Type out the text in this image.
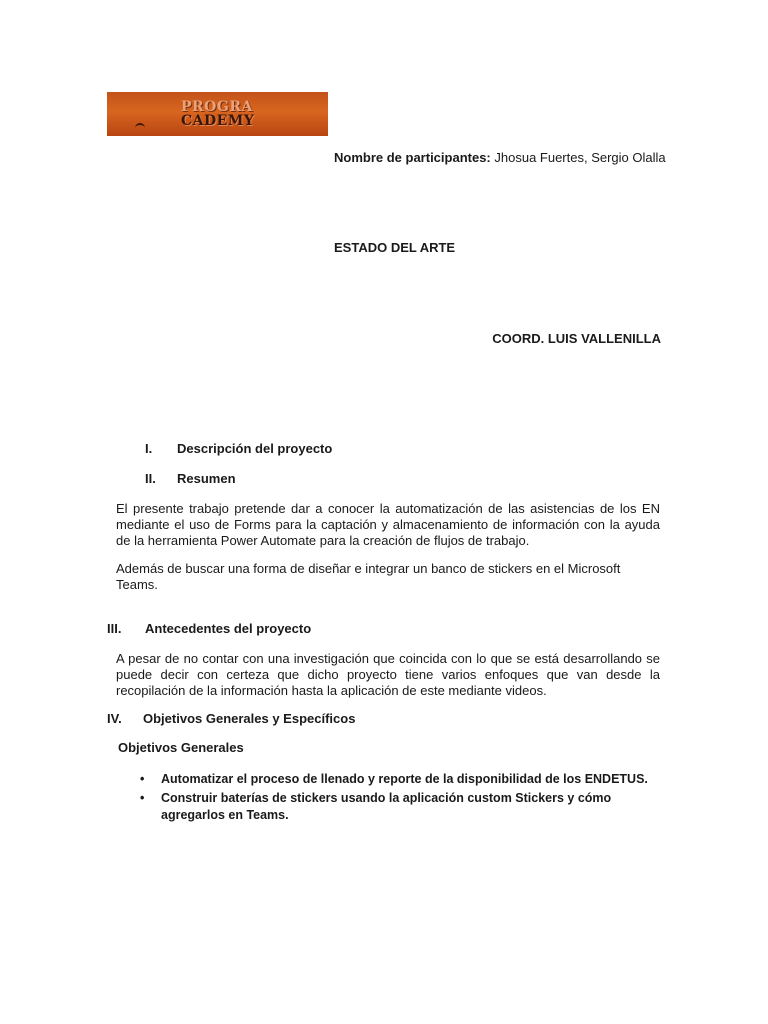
PROGRA
CADEMY
Nombre de participantes: Jhosua Fuertes, Sergio Olalla
ESTADO DEL ARTE
COORD. LUIS VALLENILLA
I. Descripción del proyecto
II. Resumen
El presente trabajo pretende dar a conocer la automatización de las asistencias de los EN mediante el uso de Forms para la captación y almacenamiento de información con la ayuda de la herramienta Power Automate para la creación de flujos de trabajo.
Además de buscar una forma de diseñar e integrar un banco de stickers en el Microsoft Teams.
III. Antecedentes del proyecto
A pesar de no contar con una investigación que coincida con lo que se está desarrollando se puede decir con certeza que dicho proyecto tiene varios enfoques que van desde la recopilación de la información hasta la aplicación de este mediante videos.
IV. Objetivos Generales y Específicos
Objetivos Generales
• Automatizar el proceso de llenado y reporte de la disponibilidad de los ENDETUS.
• Construir baterías de stickers usando la aplicación custom Stickers y cómo agregarlos en Teams.
